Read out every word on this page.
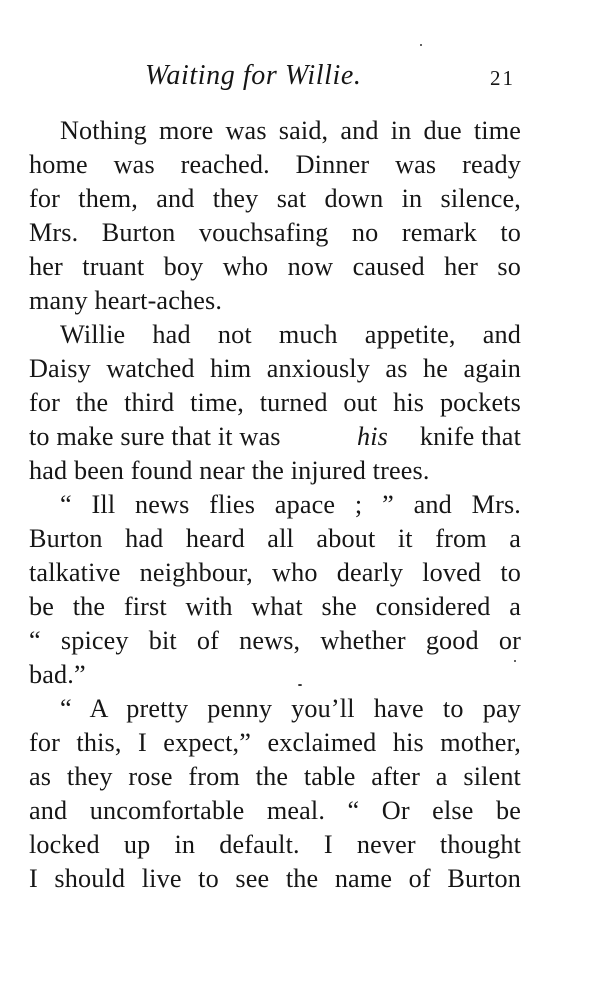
Waiting for Willie.	21
Nothing more was said, and in due time
home was reached. Dinner was ready
for them, and they sat down in silence,
Mrs. Burton vouchsafing no remark to
her truant boy who now caused her so
many heart-aches.
Willie had not much appetite, and
Daisy watched him anxiously as he again
for the third time, turned out his pockets
to make sure that it was	his knife that
had been found near the injured trees.
“ Ill news flies apace ; ” and Mrs.
Burton had heard all about it from a
talkative neighbour, who dearly loved to
be the first with what she considered a
“ spicey bit of news, whether good or
bad.”
“ A pretty penny you’ll have to pay
for this, I expect,” exclaimed his mother,
as they rose from the table after a silent
and uncomfortable meal. “ Or else be
locked up in default. I never thought
I should live to see the name of Burton
